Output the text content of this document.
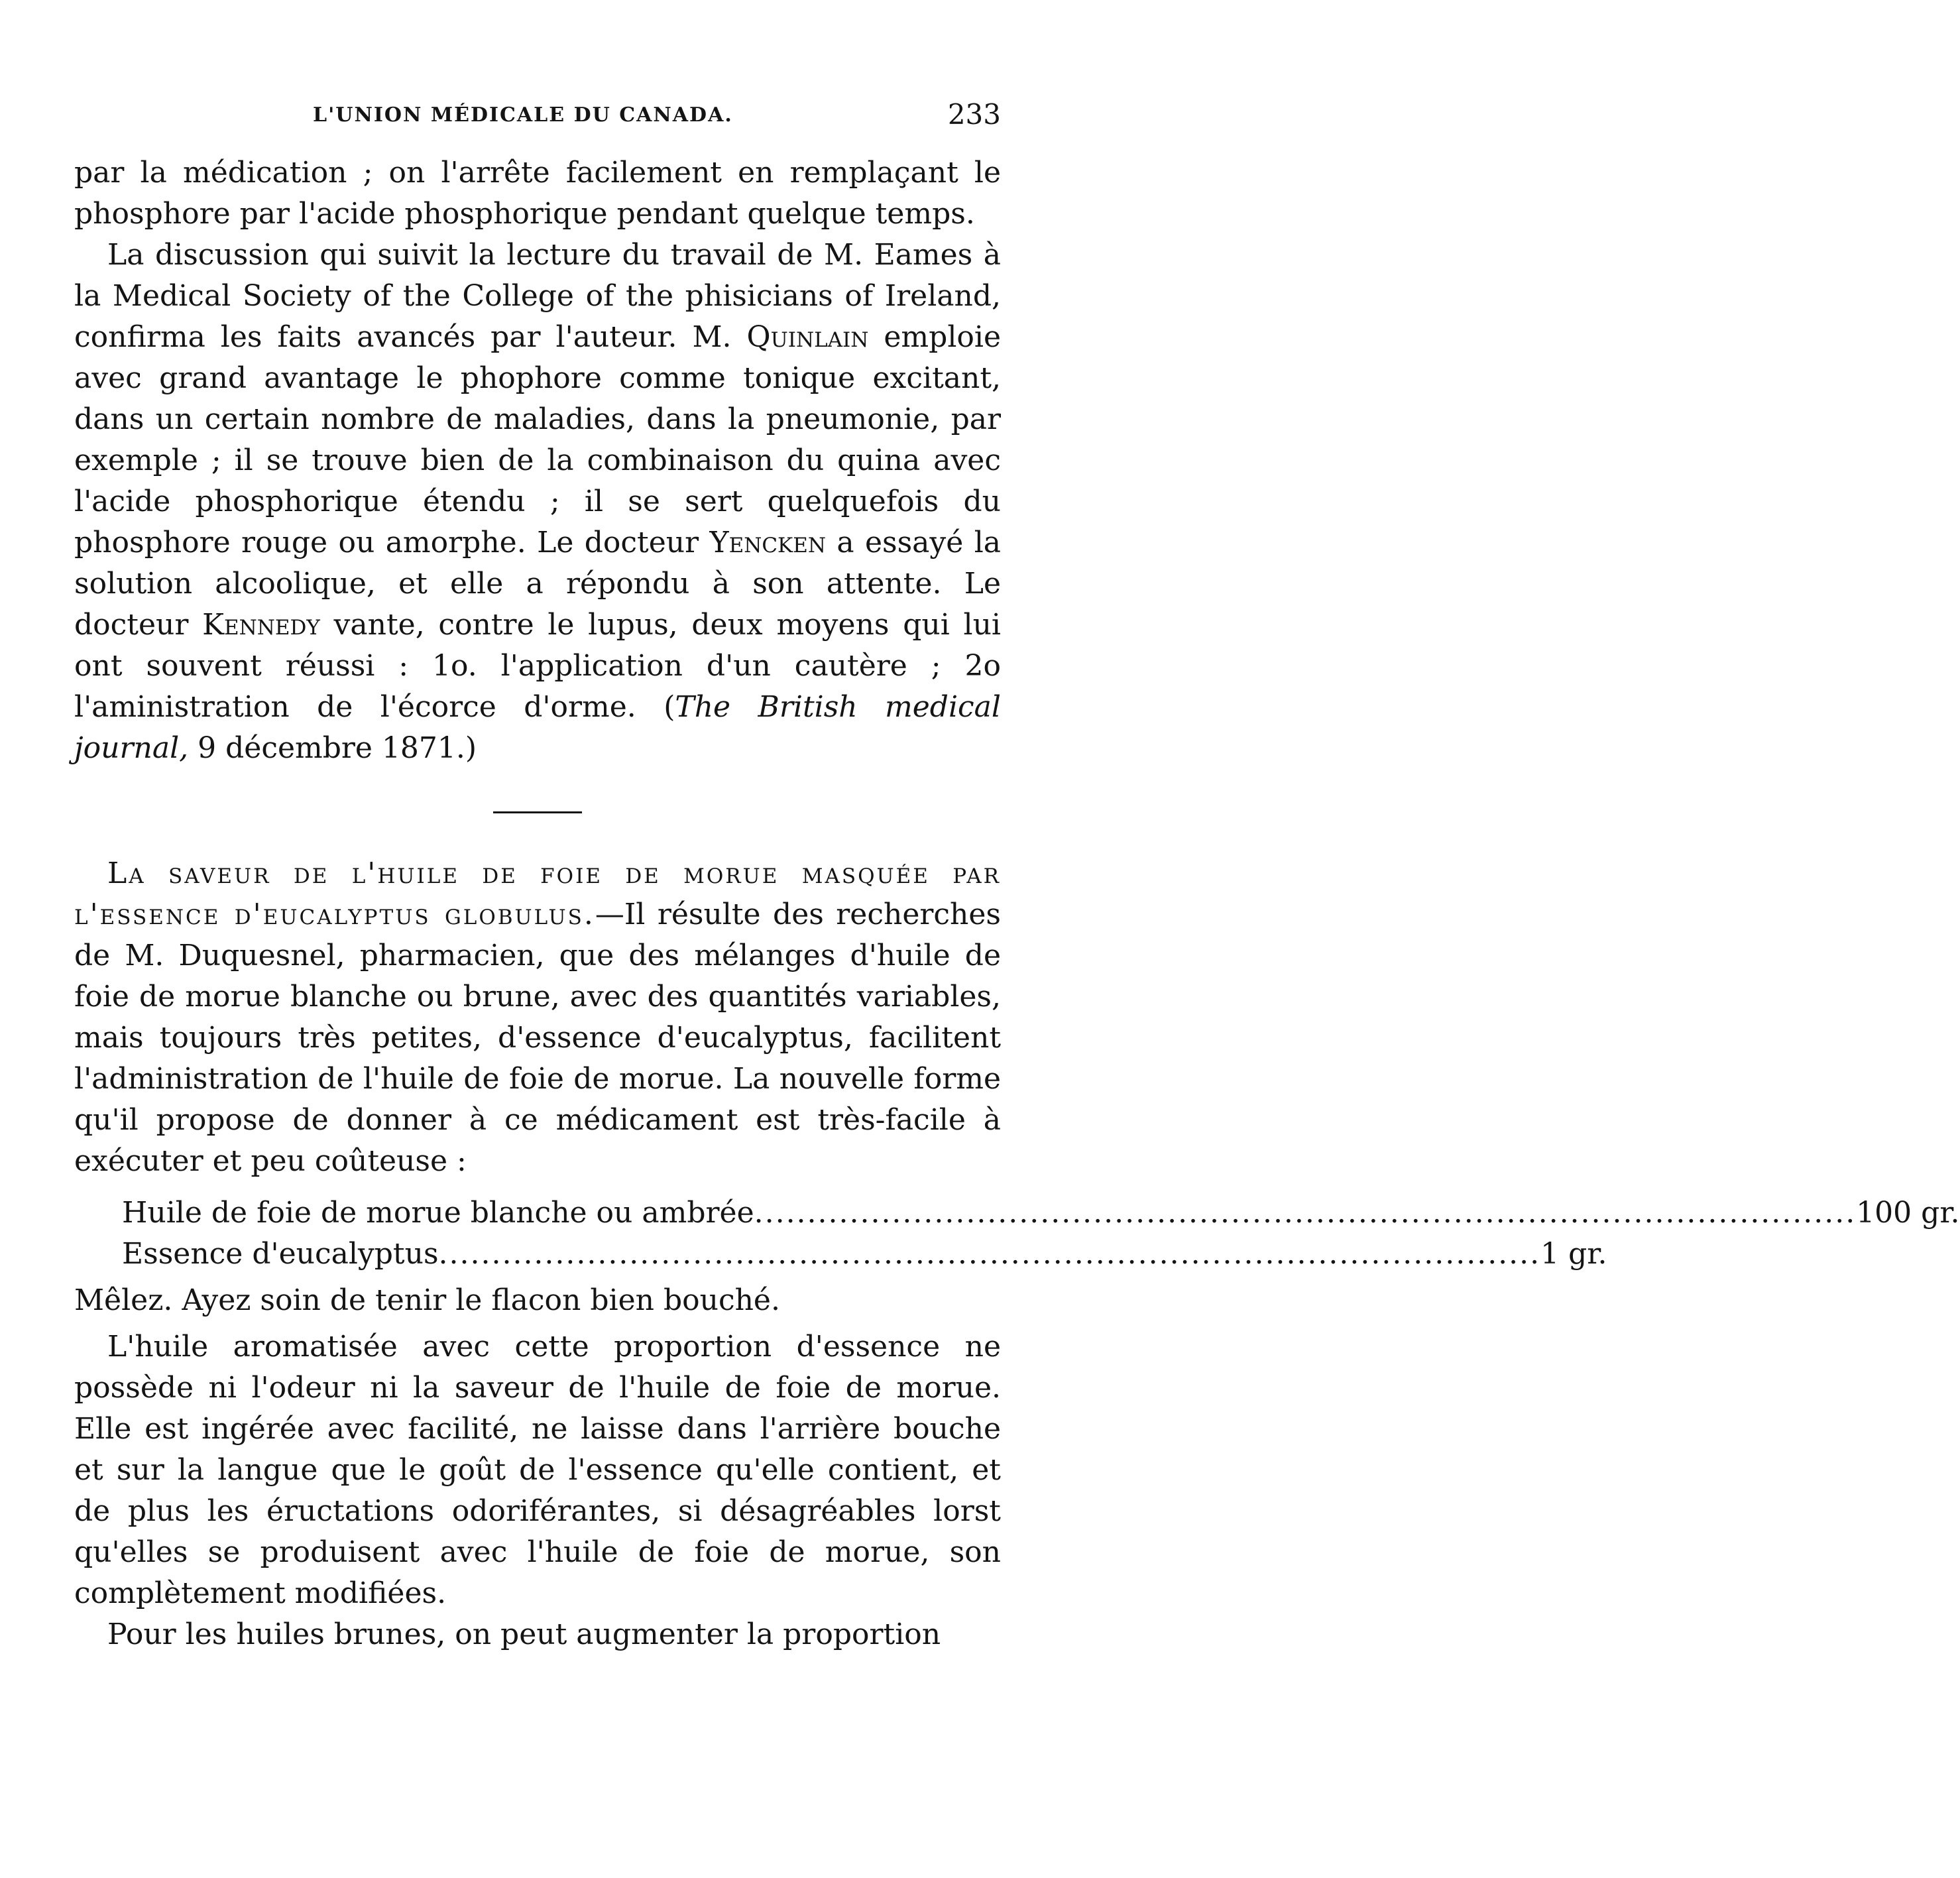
L'UNION MÉDICALE DU CANADA.	233

par la médication ; on l'arrête facilement en remplaçant le phosphore par l'acide phosphorique pendant quelque temps.

La discussion qui suivit la lecture du travail de M. Eames à la Medical Society of the College of the phisicians of Ireland, confirma les faits avancés par l'auteur. M. Quinlain emploie avec grand avantage le phophore comme tonique excitant, dans un certain nombre de maladies, dans la pneumonie, par exemple ; il se trouve bien de la combinaison du quina avec l'acide phosphorique étendu ; il se sert quelquefois du phosphore rouge ou amorphe. Le docteur Yencken a essayé la solution alcoolique, et elle a répondu à son attente. Le docteur Kennedy vante, contre le lupus, deux moyens qui lui ont souvent réussi : 1o. l'application d'un cautère ; 2o l'aministration de l'écorce d'orme. (The British medical journal, 9 décembre 1871.)

La saveur de l'huile de foie de morue masquée par l'essence d'eucalyptus globulus.—Il résulte des recherches de M. Duquesnel, pharmacien, que des mélanges d'huile de foie de morue blanche ou brune, avec des quantités variables, mais toujours très petites, d'essence d'eucalyptus, facilitent l'administration de l'huile de foie de morue. La nouvelle forme qu'il propose de donner à ce médicament est très-facile à exécuter et peu coûteuse :

Huile de foie de morue blanche ou ambrée ........................................................................................................ 100 gr.
Essence d'eucalyptus ........................................................................................................ 1 gr.

Mêlez. Ayez soin de tenir le flacon bien bouché.

L'huile aromatisée avec cette proportion d'essence ne possède ni l'odeur ni la saveur de l'huile de foie de morue. Elle est ingérée avec facilité, ne laisse dans l'arrière bouche et sur la langue que le goût de l'essence qu'elle contient, et de plus les éructations odoriférantes, si désagréables lorst qu'elles se produisent avec l'huile de foie de morue, son complètement modifiées.

Pour les huiles brunes, on peut augmenter la proportion
